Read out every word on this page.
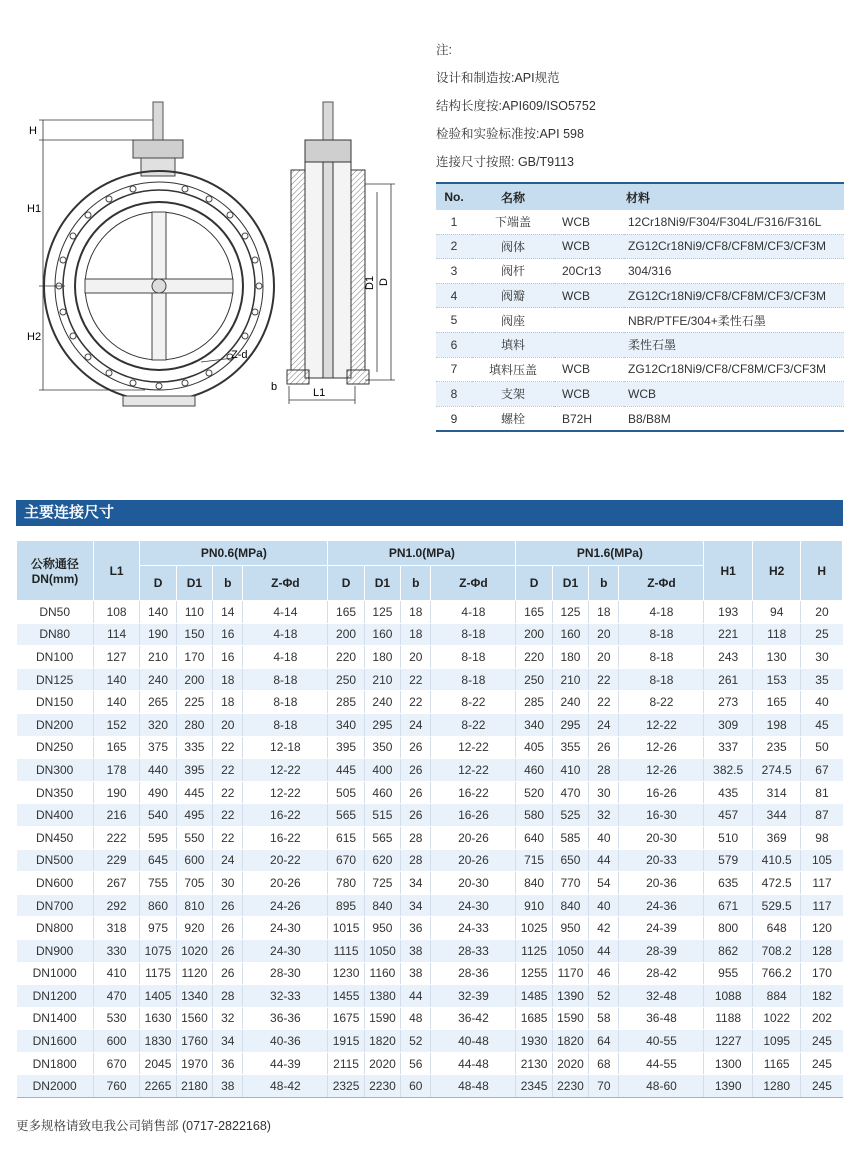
H
H1
H2
Z-d
D1 D
b	L1
注:
设计和制造按:API规范
结构长度按:API609/ISO5752
检验和实验标准按:API 598
连接尺寸按照: GB/T9113
No.	名称	材料	
1	下端盖	WCB	12Cr18Ni9/F304/F304L/F316/F316L
2	阀体	WCB	ZG12Cr18Ni9/CF8/CF8M/CF3/CF3M
3	阀杆	20Cr13	304/316
4	阀瓣	WCB	ZG12Cr18Ni9/CF8/CF8M/CF3/CF3M
5	阀座		NBR/PTFE/304+柔性石墨
6	填料		柔性石墨
7	填料压盖	WCB	ZG12Cr18Ni9/CF8/CF8M/CF3/CF3M
8	支架	WCB	WCB
9	螺栓	B72H	B8/B8M
主要连接尺寸
公称通径
DN(mm)	L1	PN0.6(MPa)				PN1.0(MPa)				PN1.6(MPa)				H1	H2	H
		D	D1	b	Z-Φd	D	D1	b	Z-Φd	D	D1	b	Z-Φd			
DN50	108	140	110	14	4-14	165	125	18	4-18	165	125	18	4-18	193	94	20
DN80	114	190	150	16	4-18	200	160	18	8-18	200	160	20	8-18	221	118	25
DN100	127	210	170	16	4-18	220	180	20	8-18	220	180	20	8-18	243	130	30
DN125	140	240	200	18	8-18	250	210	22	8-18	250	210	22	8-18	261	153	35
DN150	140	265	225	18	8-18	285	240	22	8-22	285	240	22	8-22	273	165	40
DN200	152	320	280	20	8-18	340	295	24	8-22	340	295	24	12-22	309	198	45
DN250	165	375	335	22	12-18	395	350	26	12-22	405	355	26	12-26	337	235	50
DN300	178	440	395	22	12-22	445	400	26	12-22	460	410	28	12-26	382.5	274.5	67
DN350	190	490	445	22	12-22	505	460	26	16-22	520	470	30	16-26	435	314	81
DN400	216	540	495	22	16-22	565	515	26	16-26	580	525	32	16-30	457	344	87
DN450	222	595	550	22	16-22	615	565	28	20-26	640	585	40	20-30	510	369	98
DN500	229	645	600	24	20-22	670	620	28	20-26	715	650	44	20-33	579	410.5	105
DN600	267	755	705	30	20-26	780	725	34	20-30	840	770	54	20-36	635	472.5	117
DN700	292	860	810	26	24-26	895	840	34	24-30	910	840	40	24-36	671	529.5	117
DN800	318	975	920	26	24-30	1015	950	36	24-33	1025	950	42	24-39	800	648	120
DN900	330	1075	1020	26	24-30	1115	1050	38	28-33	1125	1050	44	28-39	862	708.2	128
DN1000	410	1175	1120	26	28-30	1230	1160	38	28-36	1255	1170	46	28-42	955	766.2	170
DN1200	470	1405	1340	28	32-33	1455	1380	44	32-39	1485	1390	52	32-48	1088	884	182
DN1400	530	1630	1560	32	36-36	1675	1590	48	36-42	1685	1590	58	36-48	1188	1022	202
DN1600	600	1830	1760	34	40-36	1915	1820	52	40-48	1930	1820	64	40-55	1227	1095	245
DN1800	670	2045	1970	36	44-39	2115	2020	56	44-48	2130	2020	68	44-55	1300	1165	245
DN2000	760	2265	2180	38	48-42	2325	2230	60	48-48	2345	2230	70	48-60	1390	1280	245
更多规格请致电我公司销售部 (0717-2822168)
